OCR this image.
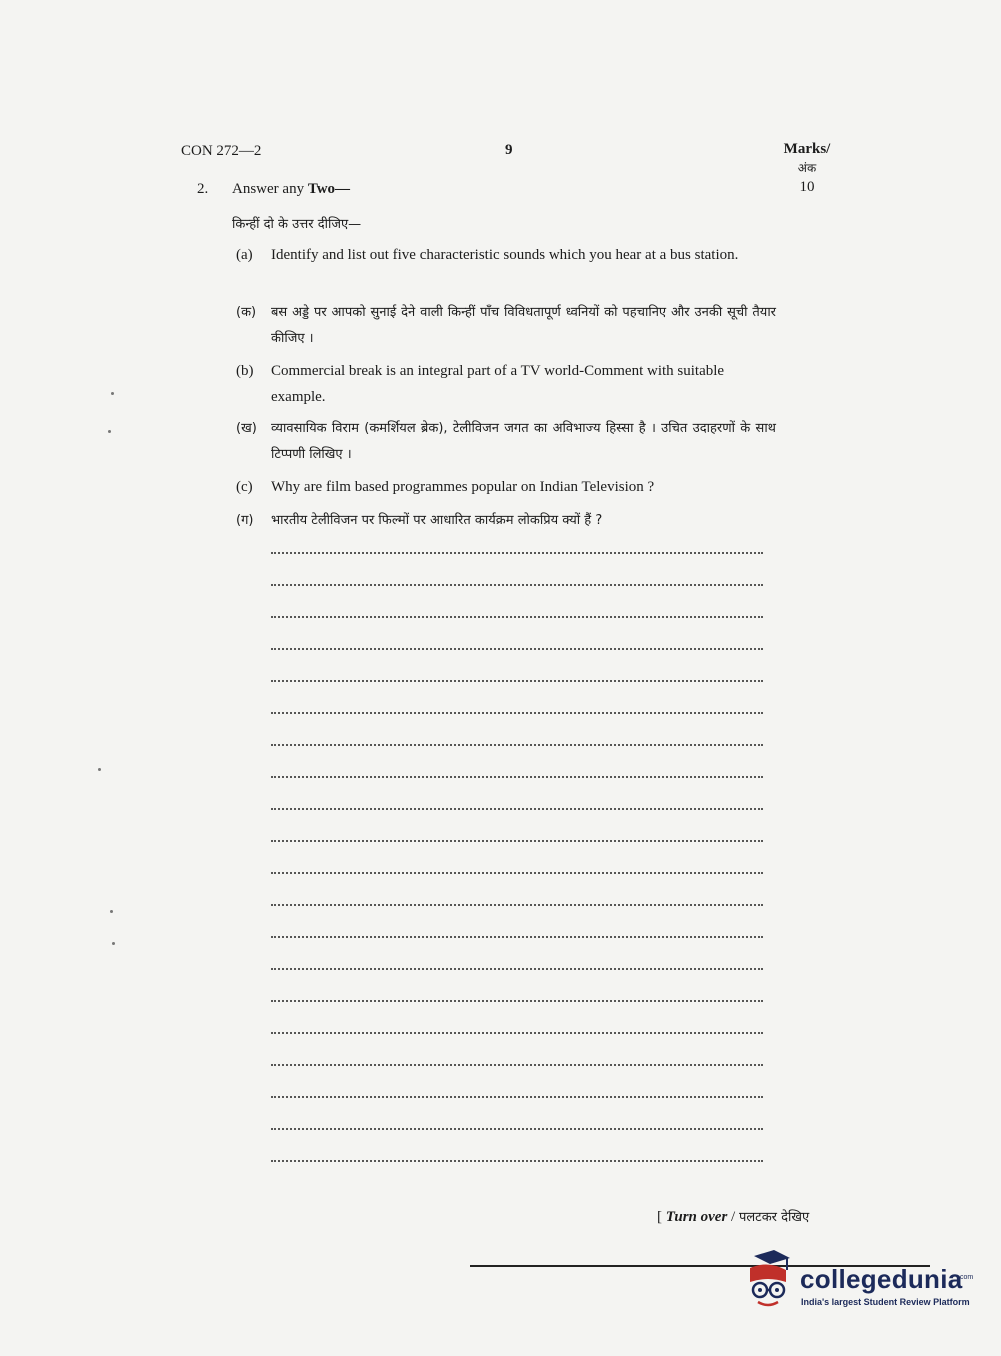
CON 272—2	9	Marks/
अंक
10
2. Answer any Two—
किन्हीं दो के उत्तर दीजिए—
(a)	Identify and list out five characteristic sounds which you hear at a bus station.
(क)	बस अड्डे पर आपको सुनाई देने वाली किन्हीं पाँच विविधतापूर्ण ध्वनियों को पहचानिए और उनकी सूची तैयार कीजिए ।
(b)	Commercial break is an integral part of a TV world-Comment with suitable example.
(ख)	व्यावसायिक विराम (कमर्शियल ब्रेक), टेलीविजन जगत का अविभाज्य हिस्सा है । उचित उदाहरणों के साथ टिप्पणी लिखिए ।
(c)	Why are film based programmes popular on Indian Television ?
(ग)	भारतीय टेलीविजन पर फिल्मों पर आधारित कार्यक्रम लोकप्रिय क्यों हैं ?
[ Turn over / पलटकर देखिए
collegedunia
.com
India's largest Student Review Platform
